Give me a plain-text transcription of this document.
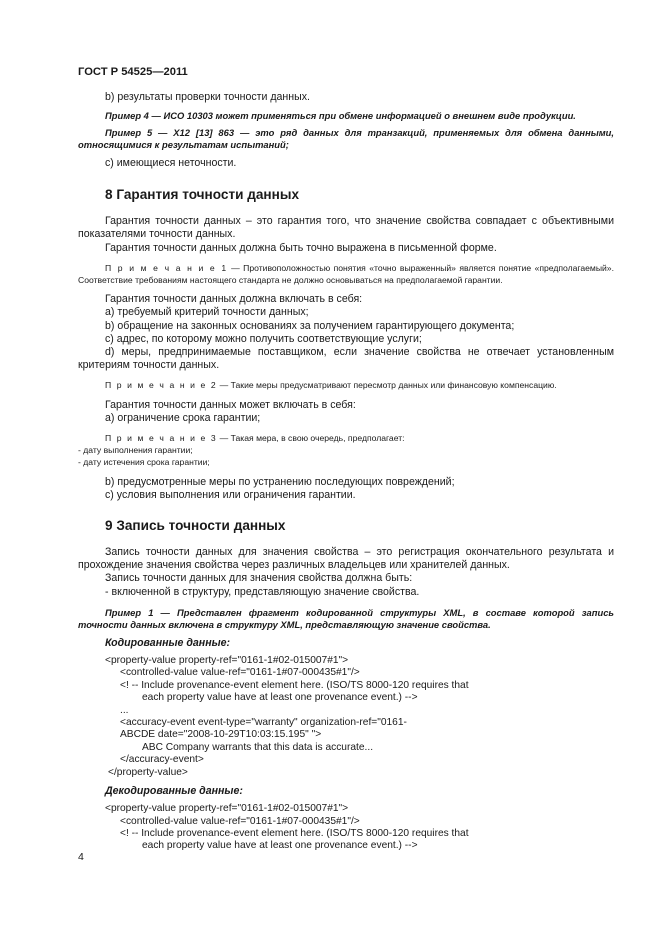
ГОСТ Р 54525—2011

b) результаты проверки точности данных.

Пример 4 — ИСО 10303 может применяться при обмене информацией о внешнем виде продукции.

Пример 5 — X12 [13] 863 — это ряд данных для транзакций, применяемых для обмена данными, относящимися к результатам испытаний;

c) имеющиеся неточности.

8 Гарантия точности данных

Гарантия точности данных – это гарантия того, что значение свойства совпадает с объективными показателями точности данных.

Гарантия точности данных должна быть точно выражена в письменной форме.

П р и м е ч а н и е 1 — Противоположностью понятия «точно выраженный» является понятие «предполагаемый». Соответствие требованиям настоящего стандарта не должно основываться на предполагаемой гарантии.

Гарантия точности данных должна включать в себя:

a) требуемый критерий точности данных;

b) обращение на законных основаниях за получением гарантирующего документа;

c) адрес, по которому можно получить соответствующие услуги;

d) меры, предпринимаемые поставщиком, если значение свойства не отвечает установленным критериям точности данных.

П р и м е ч а н и е 2 — Такие меры предусматривают пересмотр данных или финансовую компенсацию.

Гарантия точности данных может включать в себя:

a) ограничение срока гарантии;

П р и м е ч а н и е 3 — Такая мера, в свою очередь, предполагает:

- дату выполнения гарантии;

- дату истечения срока гарантии;

b) предусмотренные меры по устранению последующих повреждений;

c) условия выполнения или ограничения гарантии.

9 Запись точности данных

Запись точности данных для значения свойства – это регистрация окончательного результата и прохождение значения свойства через различных владельцев или хранителей данных.

Запись точности данных для значения свойства должна быть:

- включенной в структуру, представляющую значение свойства.

Пример 1 — Представлен фрагмент кодированной структуры XML, в составе которой запись точности данных включена в структуру XML, представляющую значение свойства.

Кодированные данные:

<property-value property-ref="0161-1#02-015007#1">

<controlled-value value-ref="0161-1#07-000435#1"/>

<! -- Include provenance-event element here. (ISO/TS 8000-120 requires that

each property value have at least one provenance event.) -->

...

<accuracy-event event-type="warranty" organization-ref="0161-

ABCDE date="2008-10-29T10:03:15.195" ">

ABC Company warrants that this data is accurate...

</accuracy-event>

</property-value>

Декодированные данные:

<property-value property-ref="0161-1#02-015007#1">

<controlled-value value-ref="0161-1#07-000435#1"/>

<! -- Include provenance-event element here. (ISO/TS 8000-120 requires that

each property value have at least one provenance event.) -->

4
